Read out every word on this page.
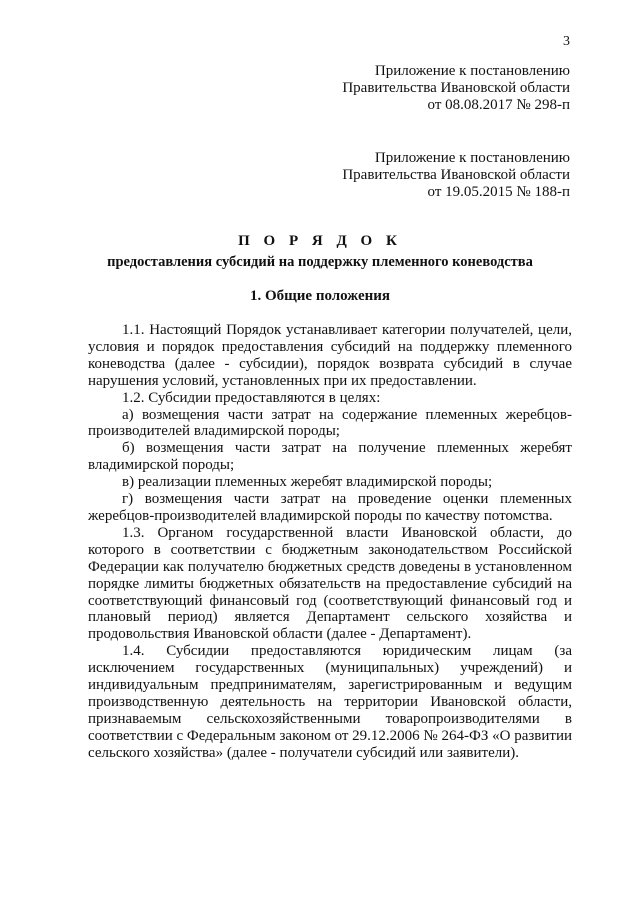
3
Приложение к постановлению
Правительства Ивановской области
от 08.08.2017 № 298-п
Приложение к постановлению
Правительства Ивановской области
от 19.05.2015 № 188-п
П О Р Я Д О К
предоставления субсидий на поддержку племенного коневодства
1. Общие положения

1.1. Настоящий Порядок устанавливает категории получателей, цели, условия и порядок предоставления субсидий на поддержку племенного коневодства (далее - субсидии), порядок возврата субсидий в случае нарушения условий, установленных при их предоставлении.

1.2. Субсидии предоставляются в целях:

а) возмещения части затрат на содержание племенных жеребцов-производителей владимирской породы;

б) возмещения части затрат на получение племенных жеребят владимирской породы;

в) реализации племенных жеребят владимирской породы;

г) возмещения части затрат на проведение оценки племенных жеребцов-производителей владимирской породы по качеству потомства.

1.3. Органом государственной власти Ивановской области, до которого в соответствии с бюджетным законодательством Российской Федерации как получателю бюджетных средств доведены в установленном порядке лимиты бюджетных обязательств на предоставление субсидий на соответствующий финансовый год (соответствующий финансовый год и плановый период) является Департамент сельского хозяйства и продовольствия Ивановской области (далее - Департамент).

1.4. Субсидии предоставляются юридическим лицам (за исключением государственных (муниципальных) учреждений) и индивидуальным предпринимателям, зарегистрированным и ведущим производственную деятельность на территории Ивановской области, признаваемым сельскохозяйственными товаропроизводителями в соответствии с Федеральным законом от 29.12.2006 № 264-ФЗ «О развитии сельского хозяйства» (далее - получатели субсидий или заявители).
